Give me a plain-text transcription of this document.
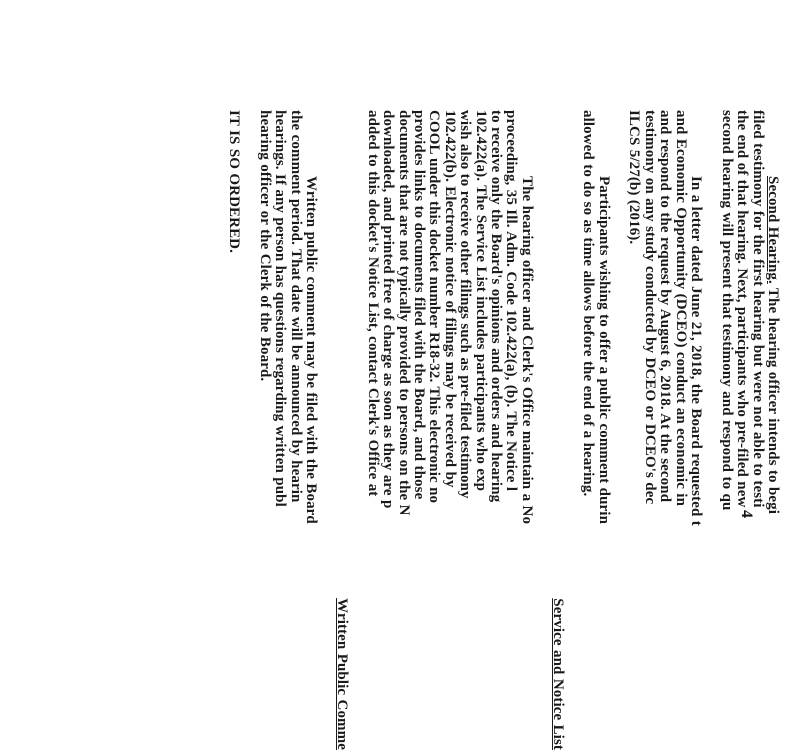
Second Hearing. The hearing officer intends to begi

filed testimony for the first hearing but were not able to testi
the end of that hearing. Next, participants who pre-filed new
second hearing will present that testimony and respond to qu

In a letter dated June 21, 2018, the Board requested t
and Economic Opportunity (DCEO) conduct an economic in
and respond to the request by August 6, 2018. At the second
testimony on any study conducted by DCEO or DCEO's dec
ILCS 5/27(b) (2016).

Participants wishing to offer a public comment durin
allowed to do so as time allows before the end of a hearing.

Service and Notice List

The hearing officer and Clerk's Office maintain a No
proceeding, 35 Ill. Adm. Code 102.422(a), (b). The Notice l
to receive only the Board's opinions and orders and hearing
102.422(a). The Service List includes participants who exp
wish also to receive other filings such as pre-filed testimony
102.422(b). Electronic notice of filings may be received by
COOL under this docket number R18-32. This electronic no
provides links to documents filed with the Board, and those
documents that are not typically provided to persons on the N
downloaded, and printed free of charge as soon as they are p
added to this docket's Notice List, contact Clerk's Office at

Written Public Comme

Written public comment may be filed with the Board
the comment period. That date will be announced by hearin
hearings. If any person has questions regarding written publ
hearing officer or the Clerk of the Board.

IT IS SO ORDERED.

4
